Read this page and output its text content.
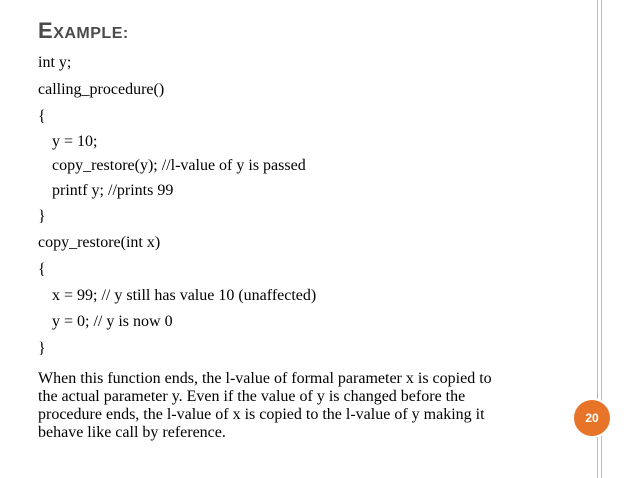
EXAMPLE:
int y;
calling_procedure()
{
y = 10;
copy_restore(y); //l-value of y is passed
printf y; //prints 99
}
copy_restore(int x)
{
x = 99; // y still has value 10 (unaffected)
y = 0; // y is now 0
}
When this function ends, the l-value of formal parameter x is copied to
the actual parameter y. Even if the value of y is changed before the
procedure ends, the l-value of x is copied to the l-value of y making it
behave like call by reference.
20
